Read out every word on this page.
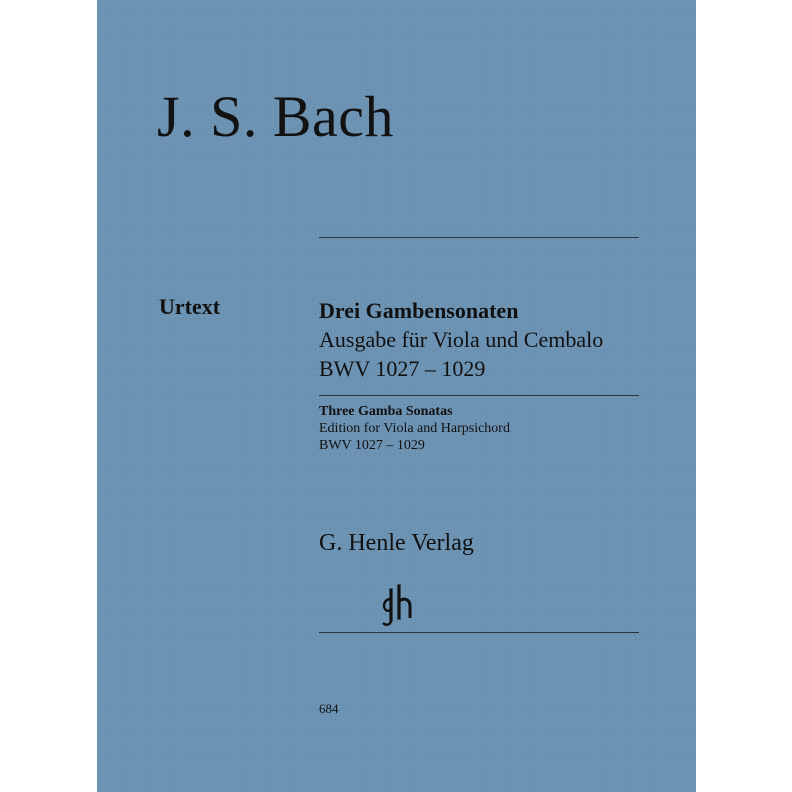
J. S. Bach
Urtext	Drei Gambensonaten
Ausgabe für Viola und Cembalo
BWV 1027 – 1029
Three Gamba Sonatas
Edition for Viola and Harpsichord
BWV 1027 – 1029
G. Henle Verlag
684
